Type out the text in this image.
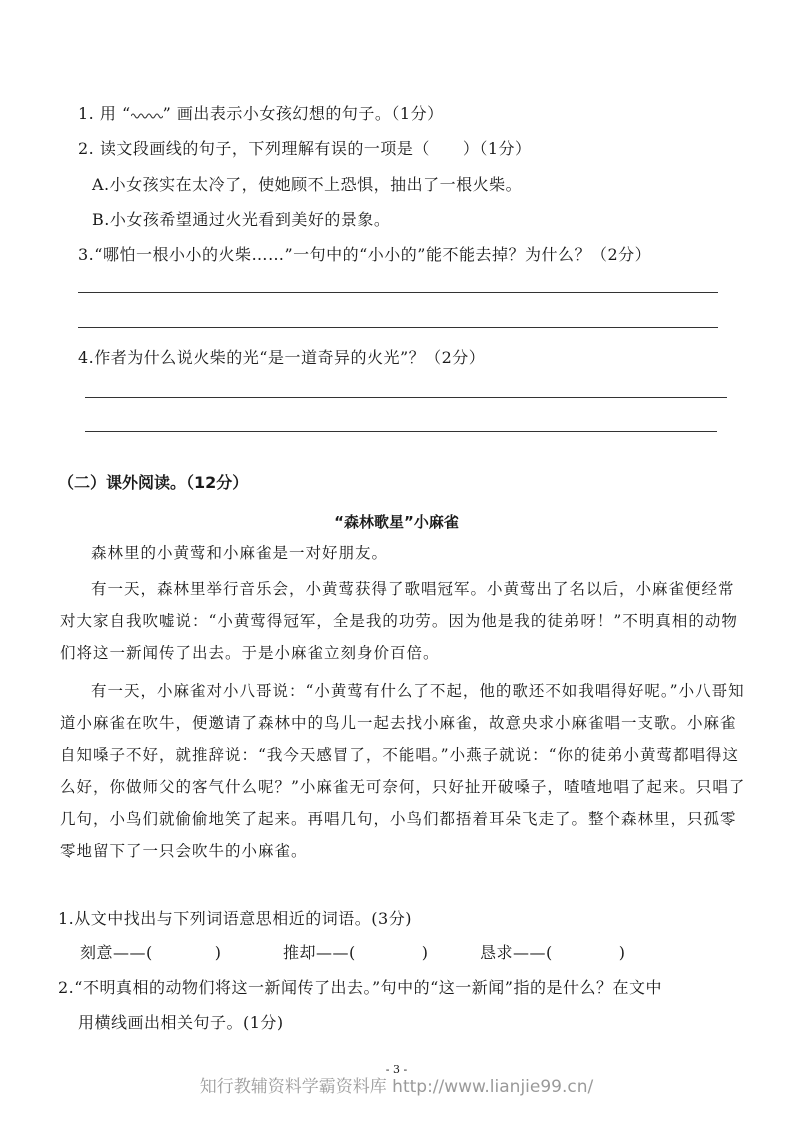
1. 用 “ ” 画出表示小女孩幻想的句子。（1分）
2. 读文段画线的句子，下列理解有误的一项是（　　）（1分）
A.小女孩实在太冷了，使她顾不上恐惧，抽出了一根火柴。
B.小女孩希望通过火光看到美好的景象。
3.“哪怕一根小小的火柴……”一句中的“小小的”能不能去掉？为什么？（2分）
4.作者为什么说火柴的光“是一道奇异的火光”？（2分）
（二）课外阅读。（12分）
“森林歌星”小麻雀
森林里的小黄莺和小麻雀是一对好朋友。
有一天，森林里举行音乐会，小黄莺获得了歌唱冠军。小黄莺出了名以后，小麻雀便经常对大家自我吹嘘说：“小黄莺得冠军，全是我的功劳。因为他是我的徒弟呀！”不明真相的动物们将这一新闻传了出去。于是小麻雀立刻身价百倍。
有一天，小麻雀对小八哥说：“小黄莺有什么了不起，他的歌还不如我唱得好呢。”小八哥知道小麻雀在吹牛，便邀请了森林中的鸟儿一起去找小麻雀，故意央求小麻雀唱一支歌。小麻雀自知嗓子不好，就推辞说：“我今天感冒了，不能唱。”小燕子就说：“你的徒弟小黄莺都唱得这么好，你做师父的客气什么呢？”小麻雀无可奈何，只好扯开破嗓子，喳喳地唱了起来。只唱了几句，小鸟们就偷偷地笑了起来。再唱几句，小鸟们都捂着耳朵飞走了。整个森林里，只孤零零地留下了一只会吹牛的小麻雀。
1.从文中找出与下列词语意思相近的词语。(3分)
刻意——(	)	推却——(	)	恳求——(	)
2.“不明真相的动物们将这一新闻传了出去。”句中的“这一新闻”指的是什么？在文中
用横线画出相关句子。(1分)
- 3 -
知行教辅资料学霸资料库 http://www.lianjie99.cn/
